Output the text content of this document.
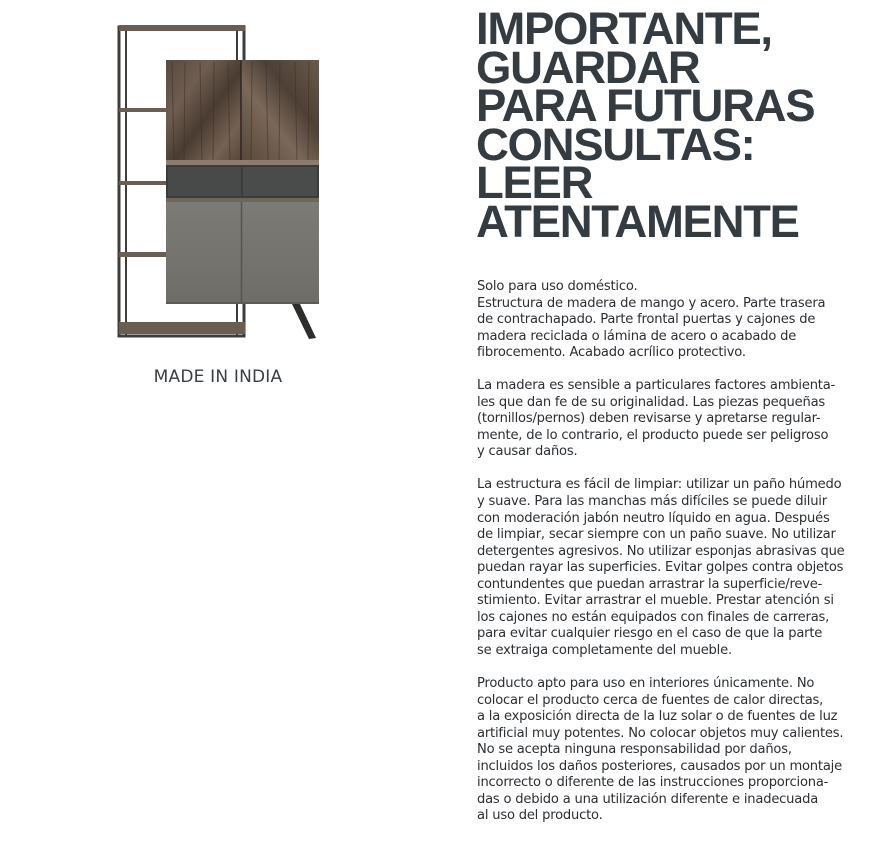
MADE IN INDIA
IMPORTANTE,
GUARDAR
PARA FUTURAS
CONSULTAS:
LEER
ATENTAMENTE

Solo para uso doméstico.
Estructura de madera de mango y acero. Parte trasera
de contrachapado. Parte frontal puertas y cajones de
madera reciclada o lámina de acero o acabado de
fibrocemento. Acabado acrílico protectivo.

La madera es sensible a particulares factores ambienta-
les que dan fe de su originalidad. Las piezas pequeñas
(tornillos/pernos) deben revisarse y apretarse regular-
mente, de lo contrario, el producto puede ser peligroso
y causar daños.

La estructura es fácil de limpiar: utilizar un paño húmedo
y suave. Para las manchas más difíciles se puede diluir
con moderación jabón neutro líquido en agua. Después
de limpiar, secar siempre con un paño suave. No utilizar
detergentes agresivos. No utilizar esponjas abrasivas que
puedan rayar las superficies. Evitar golpes contra objetos
contundentes que puedan arrastrar la superficie/reve-
stimiento. Evitar arrastrar el mueble. Prestar atención si
los cajones no están equipados con finales de carreras,
para evitar cualquier riesgo en el caso de que la parte
se extraiga completamente del mueble.

Producto apto para uso en interiores únicamente. No
colocar el producto cerca de fuentes de calor directas,
a la exposición directa de la luz solar o de fuentes de luz
artificial muy potentes. No colocar objetos muy calientes.
No se acepta ninguna responsabilidad por daños,
incluidos los daños posteriores, causados por un montaje
incorrecto o diferente de las instrucciones proporciona-
das o debido a una utilización diferente e inadecuada
al uso del producto.
